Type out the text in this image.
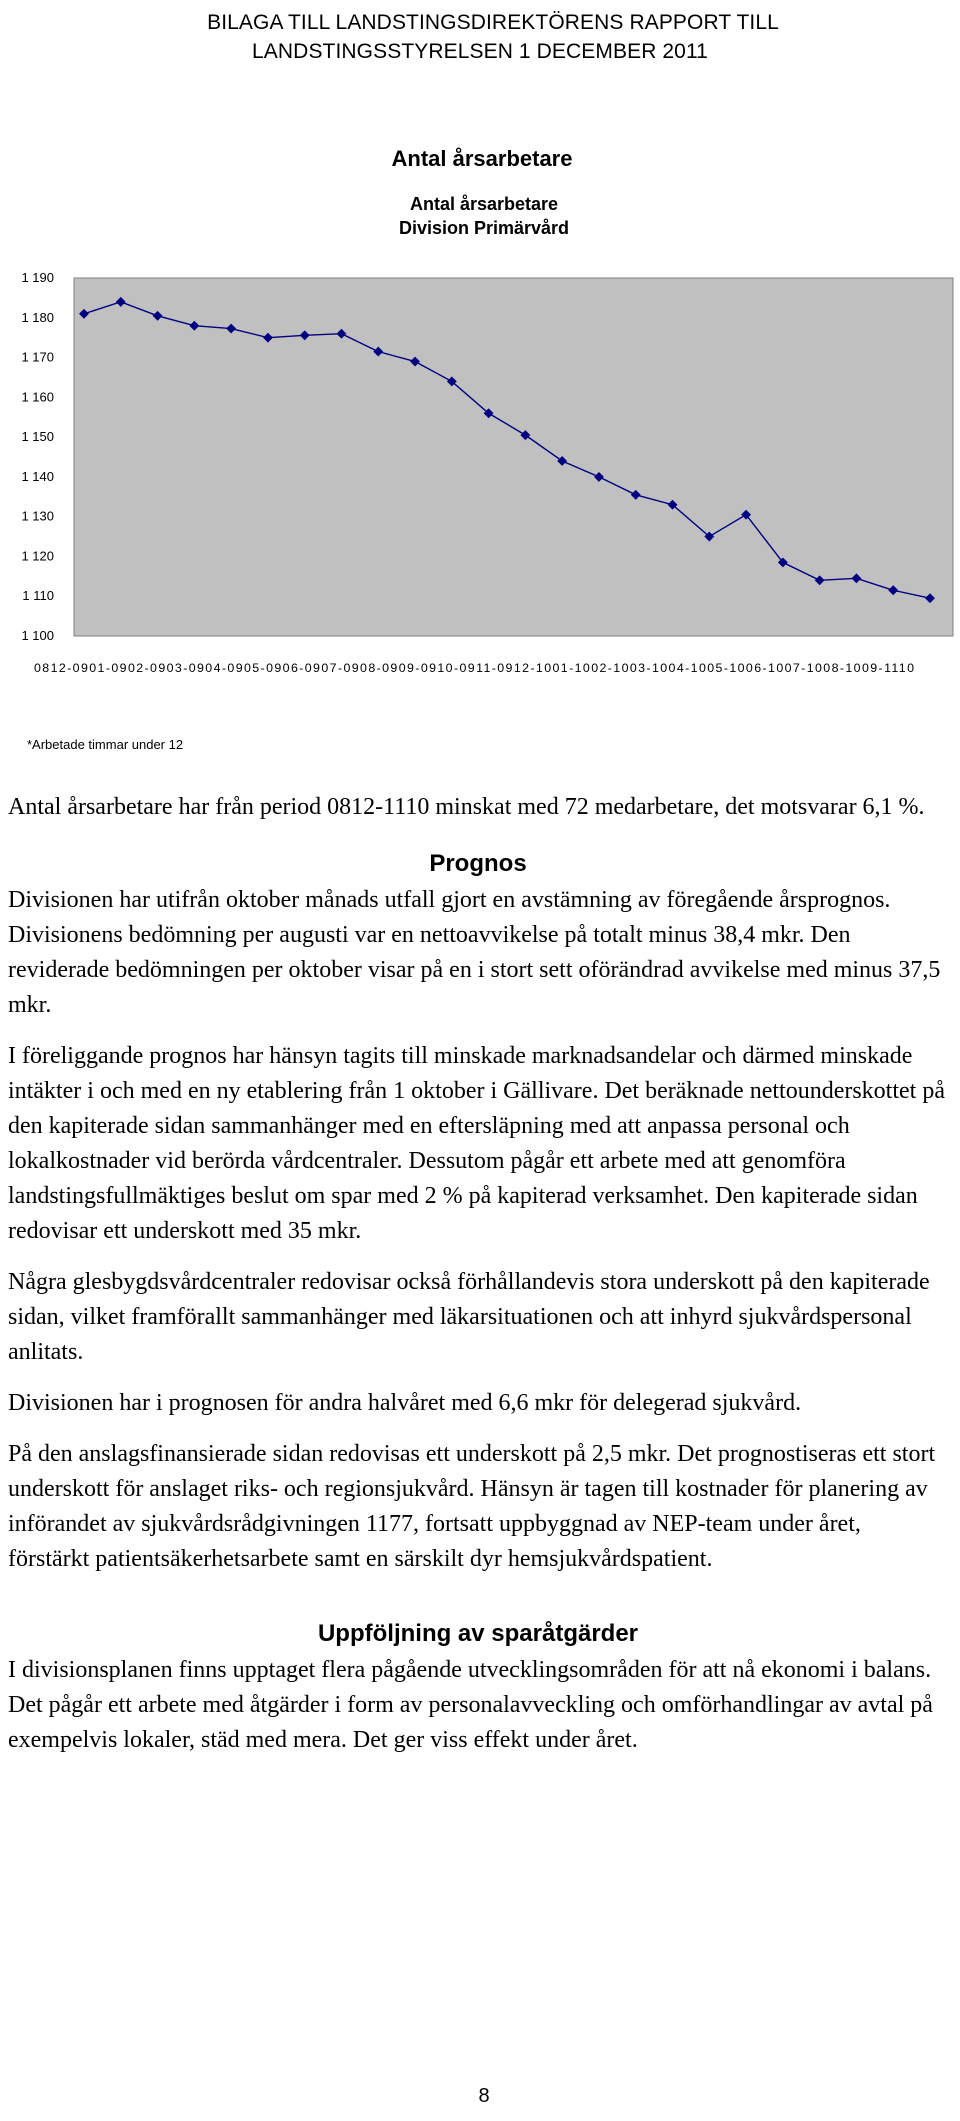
BILAGA TILL LANDSTINGSDIREKTÖRENS RAPPORT TILL
LANDSTINGSSTYRELSEN 1 DECEMBER 2011
Antal årsarbetare
Antal årsarbetare
Division Primärvård
1 190
1 180
1 170
1 160
1 150
1 140
1 130
1 120
1 110
1 100
0812-0901-0902-0903-0904-0905-0906-0907-0908-0909-0910-0911-0912-1001-1002-1003-1004-1005-1006-1007-1008-1009-1110
*Arbetade timmar under 12

Antal årsarbetare har från period 0812-1110 minskat med 72 medarbetare, det motsvarar 6,1 %.

Prognos

Divisionen har utifrån oktober månads utfall gjort en avstämning av föregående årsprognos. Divisionens bedömning per augusti var en nettoavvikelse på totalt minus 38,4 mkr. Den reviderade bedömningen per oktober visar på en i stort sett oförändrad avvikelse med minus 37,5 mkr.

I föreliggande prognos har hänsyn tagits till minskade marknadsandelar och därmed minskade intäkter i och med en ny etablering från 1 oktober i Gällivare. Det beräknade nettounderskottet på den kapiterade sidan sammanhänger med en eftersläpning med att anpassa personal och lokalkostnader vid berörda vårdcentraler. Dessutom pågår ett arbete med att genomföra landstingsfullmäktiges beslut om spar med 2 % på kapiterad verksamhet. Den kapiterade sidan redovisar ett underskott med 35 mkr.

Några glesbygdsvårdcentraler redovisar också förhållandevis stora underskott på den kapiterade sidan, vilket framförallt sammanhänger med läkarsituationen och att inhyrd sjukvårdspersonal anlitats.

Divisionen har i prognosen för andra halvåret med 6,6 mkr för delegerad sjukvård.

På den anslagsfinansierade sidan redovisas ett underskott på 2,5 mkr. Det prognostiseras ett stort underskott för anslaget riks- och regionsjukvård. Hänsyn är tagen till kostnader för planering av införandet av sjukvårdsrådgivningen 1177, fortsatt uppbyggnad av NEP-team under året, förstärkt patientsäkerhetsarbete samt en särskilt dyr hemsjukvårdspatient.

Uppföljning av sparåtgärder

I divisionsplanen finns upptaget flera pågående utvecklingsområden för att nå ekonomi i balans. Det pågår ett arbete med åtgärder i form av personalavveckling och omförhandlingar av avtal på exempelvis lokaler, städ med mera. Det ger viss effekt under året.

8
